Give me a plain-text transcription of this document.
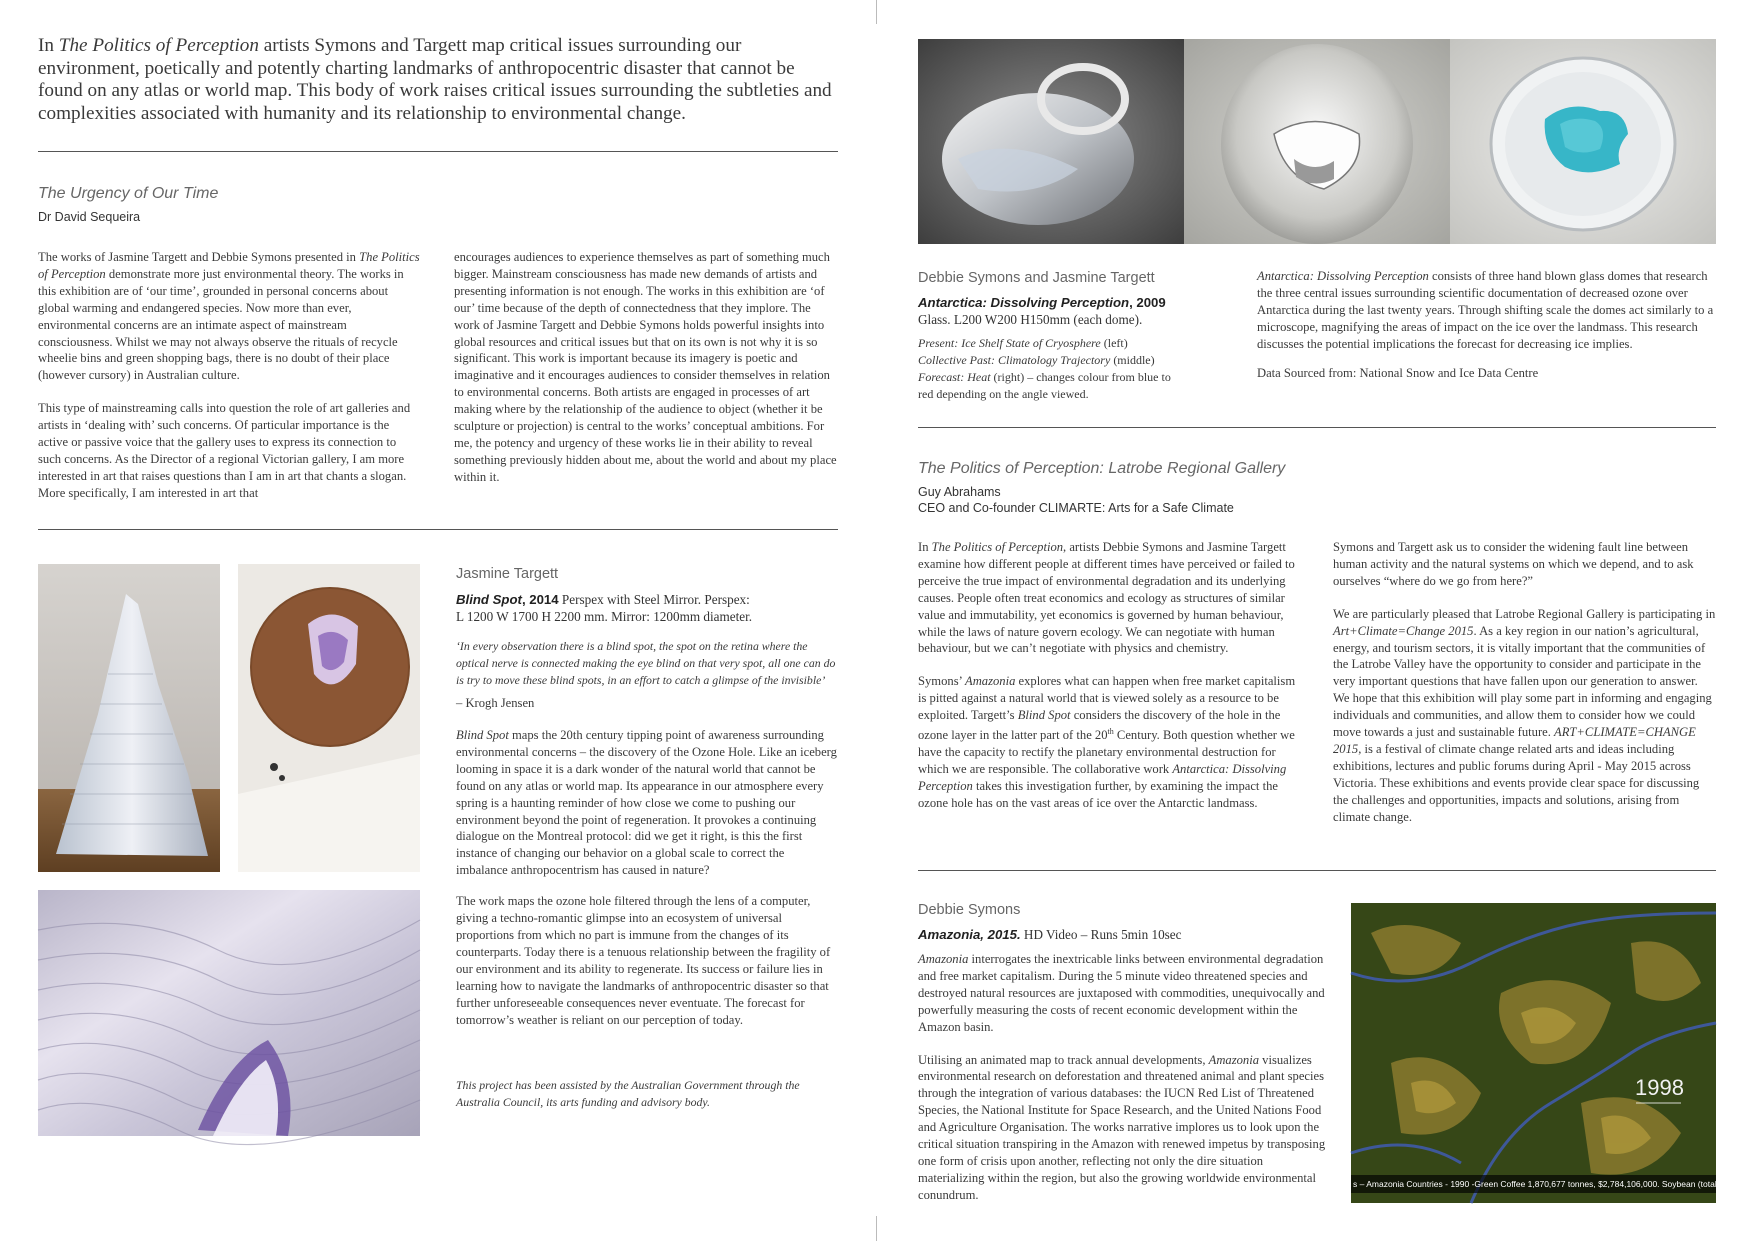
In The Politics of Perception artists Symons and Targett map critical issues surrounding our environment, poetically and potently charting landmarks of anthropocentric disaster that cannot be found on any atlas or world map. This body of work raises critical issues surrounding the subtleties and complexities associated with humanity and its relationship to environmental change.
The Urgency of Our Time
Dr David Sequeira

The works of Jasmine Targett and Debbie Symons presented in The Politics of Perception demonstrate more just environmental theory. The works in this exhibition are of ‘our time’, grounded in personal concerns about global warming and endangered species. Now more than ever, environmental concerns are an intimate aspect of mainstream consciousness. Whilst we may not always observe the rituals of recycle wheelie bins and green shopping bags, there is no doubt of their place (however cursory) in Australian culture.

This type of mainstreaming calls into question the role of art galleries and artists in ‘dealing with’ such concerns. Of particular importance is the active or passive voice that the gallery uses to express its connection to such concerns. As the Director of a regional Victorian gallery, I am more interested in art that raises questions than I am in art that chants a slogan. More specifically, I am interested in art that

encourages audiences to experience themselves as part of something much bigger. Mainstream consciousness has made new demands of artists and presenting information is not enough. The works in this exhibition are ‘of our’ time because of the depth of connectedness that they implore. The work of Jasmine Targett and Debbie Symons holds powerful insights into global resources and critical issues but that on its own is not why it is so significant. This work is important because its imagery is poetic and imaginative and it encourages audiences to consider themselves in relation to environmental concerns. Both artists are engaged in processes of art making where by the relationship of the audience to object (whether it be sculpture or projection) is central to the works’ conceptual ambitions. For me, the potency and urgency of these works lie in their ability to reveal something previously hidden about me, about the world and about my place within it.

Jasmine Targett
Blind Spot, 2014 Perspex with Steel Mirror. Perspex:
L 1200 W 1700 H 2200 mm. Mirror: 1200mm diameter.
‘In every observation there is a blind spot, the spot on the retina where the optical nerve is connected making the eye blind on that very spot, all one can do is try to move these blind spots, in an effort to catch a glimpse of the invisible’
– Krogh Jensen

Blind Spot maps the 20th century tipping point of awareness surrounding environmental concerns – the discovery of the Ozone Hole. Like an iceberg looming in space it is a dark wonder of the natural world that cannot be found on any atlas or world map. Its appearance in our atmosphere every spring is a haunting reminder of how close we come to pushing our environment beyond the point of regeneration. It provokes a continuing dialogue on the Montreal protocol: did we get it right, is this the first instance of changing our behavior on a global scale to correct the imbalance anthropocentrism has caused in nature?

The work maps the ozone hole filtered through the lens of a computer, giving a techno-romantic glimpse into an ecosystem of universal proportions from which no part is immune from the changes of its counterparts. Today there is a tenuous relationship between the fragility of our environment and its ability to regenerate. Its success or failure lies in learning how to navigate the landmarks of anthropocentric disaster so that further unforeseeable consequences never eventuate. The forecast for tomorrow’s weather is reliant on our perception of today.

This project has been assisted by the Australian Government through the Australia Council, its arts funding and advisory body.
Debbie Symons and Jasmine Targett
Antarctica: Dissolving Perception, 2009
Glass. L200 W200 H150mm (each dome).
Present: Ice Shelf State of Cryosphere (left)
Collective Past: Climatology Trajectory (middle)
Forecast: Heat (right) – changes colour from blue to red depending on the angle viewed.

Antarctica: Dissolving Perception consists of three hand blown glass domes that research the three central issues surrounding scientific documentation of decreased ozone over Antarctica during the last twenty years. Through shifting scale the domes act similarly to a microscope, magnifying the areas of impact on the ice over the landmass. This research discusses the potential implications the forecast for decreasing ice implies.

Data Sourced from: National Snow and Ice Data Centre

The Politics of Perception: Latrobe Regional Gallery
Guy Abrahams
CEO and Co-founder CLIMARTE: Arts for a Safe Climate

In The Politics of Perception, artists Debbie Symons and Jasmine Targett examine how different people at different times have perceived or failed to perceive the true impact of environmental degradation and its underlying causes. People often treat economics and ecology as structures of similar value and immutability, yet economics is governed by human behaviour, while the laws of nature govern ecology. We can negotiate with human behaviour, but we can’t negotiate with physics and chemistry.

Symons’ Amazonia explores what can happen when free market capitalism is pitted against a natural world that is viewed solely as a resource to be exploited. Targett’s Blind Spot considers the discovery of the hole in the ozone layer in the latter part of the 20th Century. Both question whether we have the capacity to rectify the planetary environmental destruction for which we are responsible. The collaborative work Antarctica: Dissolving Perception takes this investigation further, by examining the impact the ozone hole has on the vast areas of ice over the Antarctic landmass.

Symons and Targett ask us to consider the widening fault line between human activity and the natural systems on which we depend, and to ask ourselves “where do we go from here?”

We are particularly pleased that Latrobe Regional Gallery is participating in Art+Climate=Change 2015. As a key region in our nation’s agricultural, energy, and tourism sectors, it is vitally important that the communities of the Latrobe Valley have the opportunity to consider and participate in the very important questions that have fallen upon our generation to answer. We hope that this exhibition will play some part in informing and engaging individuals and communities, and allow them to consider how we could move towards a just and sustainable future. ART+CLIMATE=CHANGE 2015, is a festival of climate change related arts and ideas including exhibitions, lectures and public forums during April - May 2015 across Victoria. These exhibitions and events provide clear space for discussing the challenges and opportunities, impacts and solutions, arising from climate change.

Debbie Symons
Amazonia, 2015. HD Video – Runs 5min 10sec

Amazonia interrogates the inextricable links between environmental degradation and free market capitalism. During the 5 minute video threatened species and destroyed natural resources are juxtaposed with commodities, unequivocally and powerfully measuring the costs of recent economic development within the Amazon basin.

Utilising an animated map to track annual developments, Amazonia visualizes environmental research on deforestation and threatened animal and plant species through the integration of various databases: the IUCN Red List of Threatened Species, the National Institute for Space Research, and the United Nations Food and Agriculture Organisation. The works narrative implores us to look upon the critical situation transpiring in the Amazon with renewed impetus by transposing one form of crisis upon another, reflecting not only the dire situation materializing within the region, but also the growing worldwide environmental conundrum.

1998
s – Amazonia Countries - 1990 -Green Coffee 1,870,677 tonnes, $2,784,106,000. Soybean (total) 15,291,330
